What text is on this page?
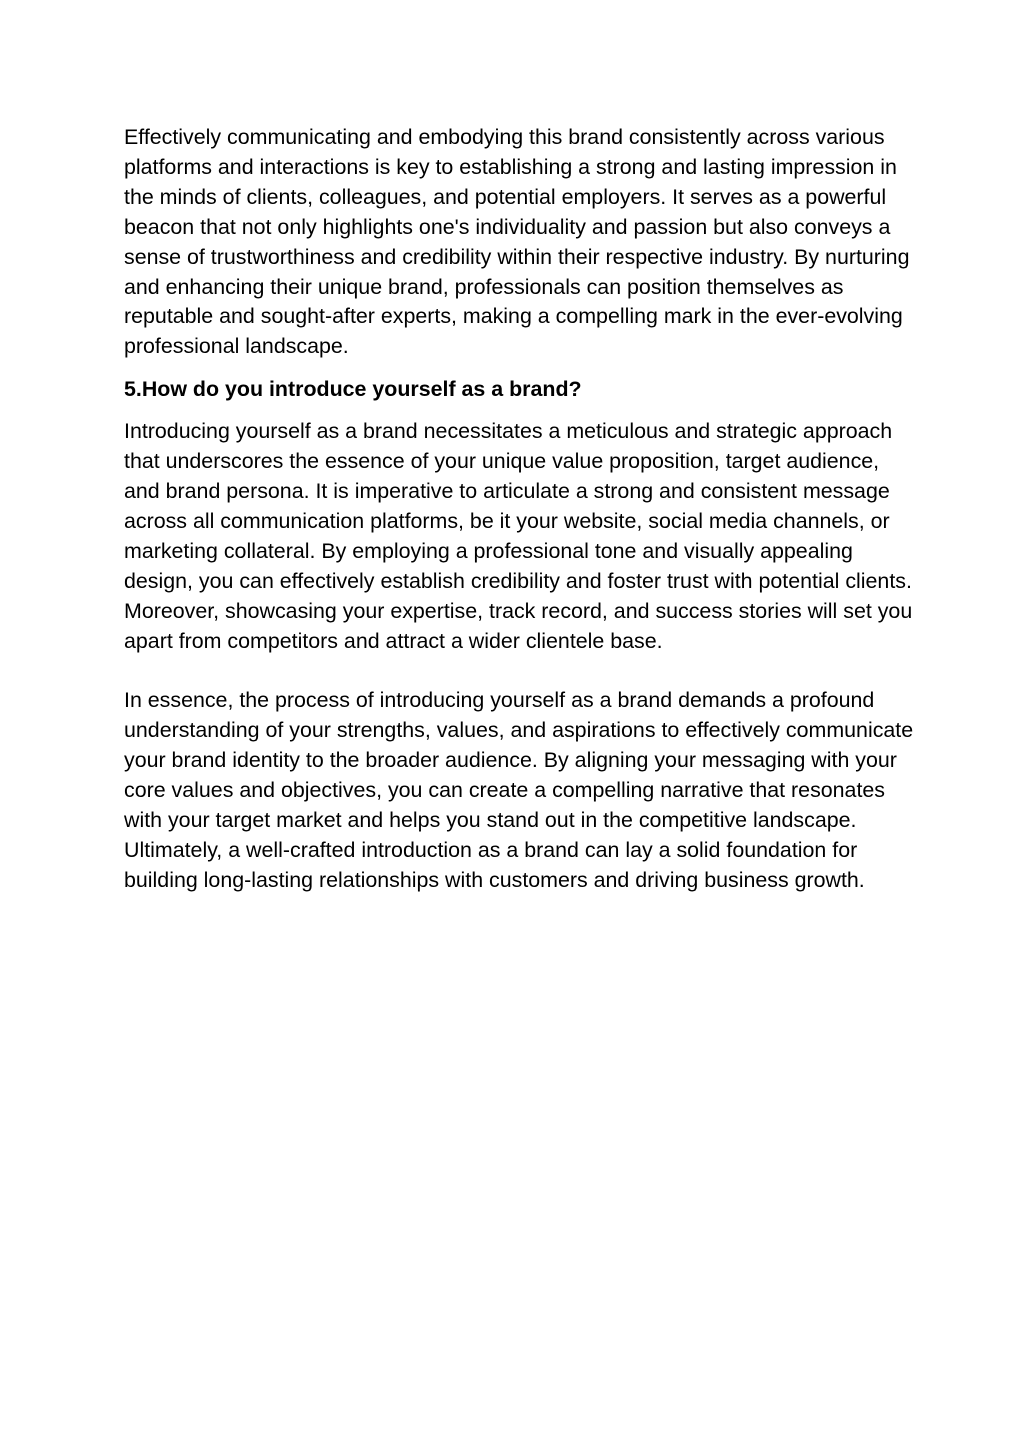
Effectively communicating and embodying this brand consistently across various platforms and interactions is key to establishing a strong and lasting impression in the minds of clients, colleagues, and potential employers. It serves as a powerful beacon that not only highlights one's individuality and passion but also conveys a sense of trustworthiness and credibility within their respective industry. By nurturing and enhancing their unique brand, professionals can position themselves as reputable and sought-after experts, making a compelling mark in the ever-evolving professional landscape.

5.How do you introduce yourself as a brand?

Introducing yourself as a brand necessitates a meticulous and strategic approach that underscores the essence of your unique value proposition, target audience, and brand persona. It is imperative to articulate a strong and consistent message across all communication platforms, be it your website, social media channels, or marketing collateral. By employing a professional tone and visually appealing design, you can effectively establish credibility and foster trust with potential clients. Moreover, showcasing your expertise, track record, and success stories will set you apart from competitors and attract a wider clientele base.

In essence, the process of introducing yourself as a brand demands a profound understanding of your strengths, values, and aspirations to effectively communicate your brand identity to the broader audience. By aligning your messaging with your core values and objectives, you can create a compelling narrative that resonates with your target market and helps you stand out in the competitive landscape. Ultimately, a well-crafted introduction as a brand can lay a solid foundation for building long-lasting relationships with customers and driving business growth.
